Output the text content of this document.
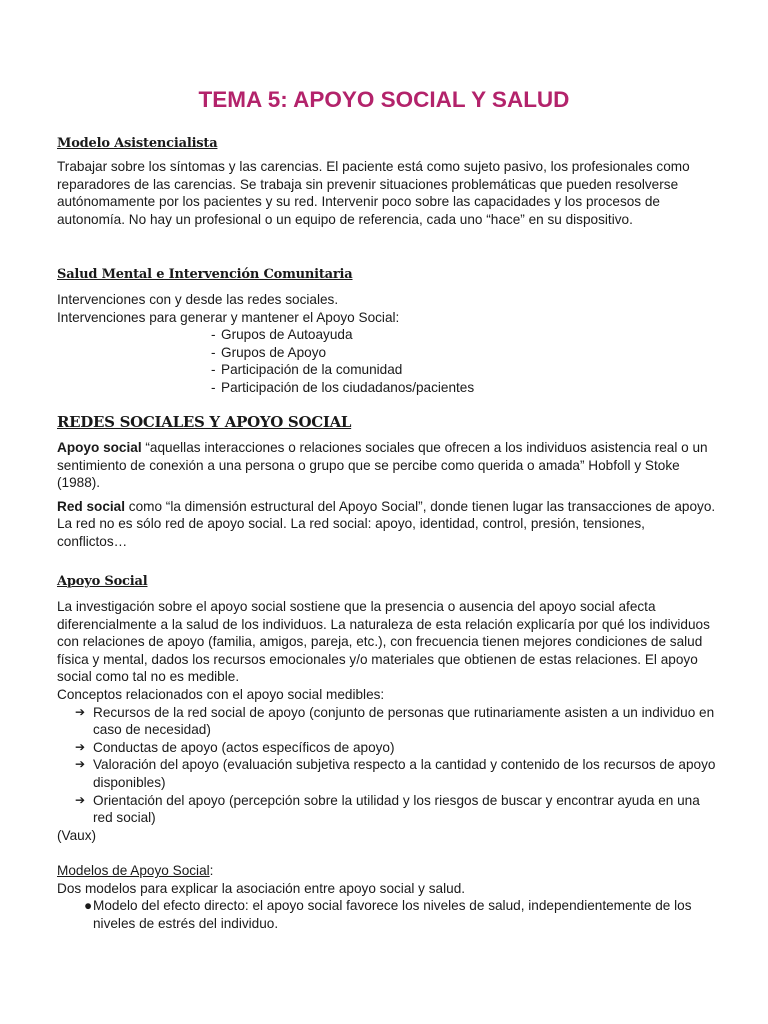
TEMA 5: APOYO SOCIAL Y SALUD
Modelo Asistencialista

Trabajar sobre los síntomas y las carencias. El paciente está como sujeto pasivo, los profesionales como reparadores de las carencias. Se trabaja sin prevenir situaciones problemáticas que pueden resolverse autónomamente por los pacientes y su red. Intervenir poco sobre las capacidades y los procesos de autonomía. No hay un profesional o un equipo de referencia, cada uno “hace” en su dispositivo.

Salud Mental e Intervención Comunitaria

Intervenciones con y desde las redes sociales.

Intervenciones para generar y mantener el Apoyo Social:

- Grupos de Autoayuda
- Grupos de Apoyo
- Participación de la comunidad
- Participación de los ciudadanos/pacientes
REDES SOCIALES Y APOYO SOCIAL

Apoyo social “aquellas interacciones o relaciones sociales que ofrecen a los individuos asistencia real o un sentimiento de conexión a una persona o grupo que se percibe como querida o amada” Hobfoll y Stoke (1988).

Red social como “la dimensión estructural del Apoyo Social”, donde tienen lugar las transacciones de apoyo. La red no es sólo red de apoyo social. La red social: apoyo, identidad, control, presión, tensiones, conflictos…

Apoyo Social

La investigación sobre el apoyo social sostiene que la presencia o ausencia del apoyo social afecta diferencialmente a la salud de los individuos. La naturaleza de esta relación explicaría por qué los individuos con relaciones de apoyo (familia, amigos, pareja, etc.), con frecuencia tienen mejores condiciones de salud física y mental, dados los recursos emocionales y/o materiales que obtienen de estas relaciones. El apoyo social como tal no es medible.

Conceptos relacionados con el apoyo social medibles:

➔ Recursos de la red social de apoyo (conjunto de personas que rutinariamente asisten a un individuo en caso de necesidad)
➔ Conductas de apoyo (actos específicos de apoyo)
➔ Valoración del apoyo (evaluación subjetiva respecto a la cantidad y contenido de los recursos de apoyo disponibles)
➔ Orientación del apoyo (percepción sobre la utilidad y los riesgos de buscar y encontrar ayuda en una red social)

(Vaux)

Modelos de Apoyo Social:

Dos modelos para explicar la asociación entre apoyo social y salud.

● Modelo del efecto directo: el apoyo social favorece los niveles de salud, independientemente de los niveles de estrés del individuo.
